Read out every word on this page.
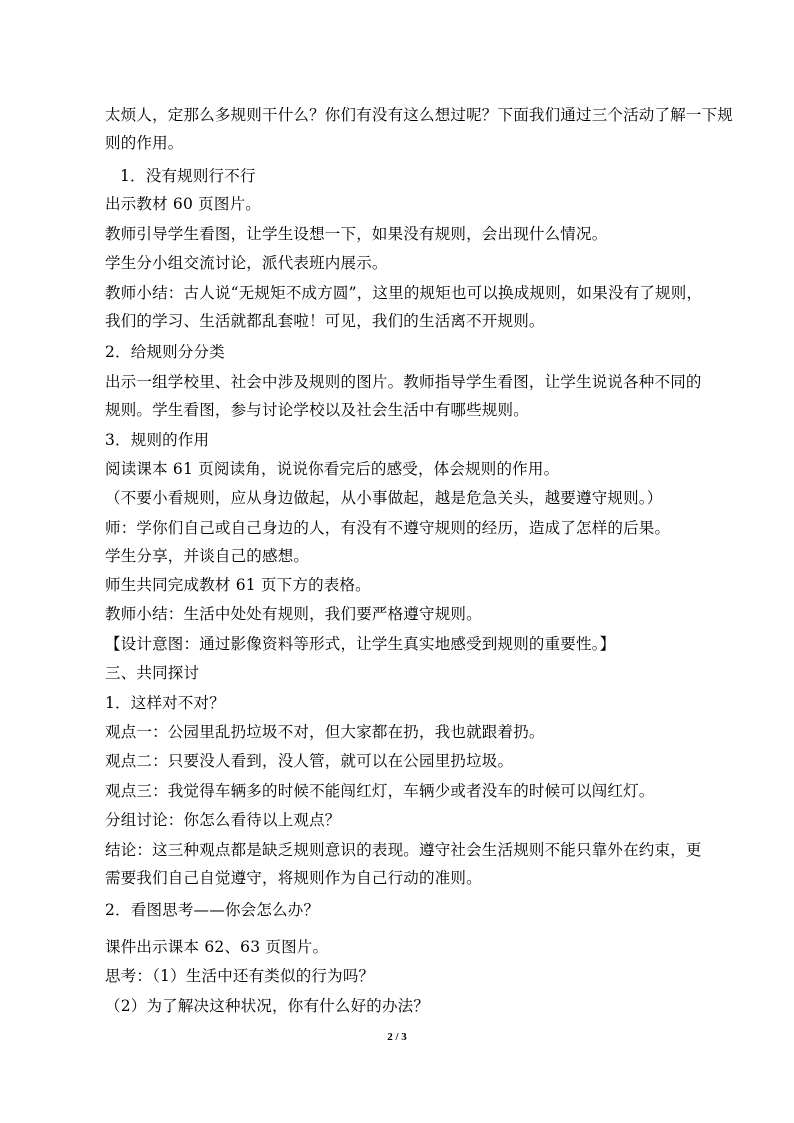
太烦人，定那么多规则干什么？你们有没有这么想过呢？下面我们通过三个活动了解一下规
则的作用。
1．没有规则行不行
出示教材 60 页图片。
教师引导学生看图，让学生设想一下，如果没有规则，会出现什么情况。
学生分小组交流讨论，派代表班内展示。
教师小结：古人说“无规矩不成方圆”，这里的规矩也可以换成规则，如果没有了规则，
我们的学习、生活就都乱套啦！可见，我们的生活离不开规则。
2．给规则分分类
出示一组学校里、社会中涉及规则的图片。教师指导学生看图，让学生说说各种不同的
规则。学生看图，参与讨论学校以及社会生活中有哪些规则。
3．规则的作用
阅读课本 61 页阅读角，说说你看完后的感受，体会规则的作用。
（不要小看规则，应从身边做起，从小事做起，越是危急关头，越要遵守规则。）
师：学你们自己或自己身边的人，有没有不遵守规则的经历，造成了怎样的后果。
学生分享，并谈自己的感想。
师生共同完成教材 61 页下方的表格。
教师小结：生活中处处有规则，我们要严格遵守规则。
【设计意图：通过影像资料等形式，让学生真实地感受到规则的重要性。】
三、共同探讨
1．这样对不对？
观点一：公园里乱扔垃圾不对，但大家都在扔，我也就跟着扔。
观点二：只要没人看到，没人管，就可以在公园里扔垃圾。
观点三：我觉得车辆多的时候不能闯红灯，车辆少或者没车的时候可以闯红灯。
分组讨论：你怎么看待以上观点？
结论：这三种观点都是缺乏规则意识的表现。遵守社会生活规则不能只靠外在约束，更
需要我们自己自觉遵守，将规则作为自己行动的准则。
2．看图思考——你会怎么办？
课件出示课本 62、63 页图片。
思考：（1）生活中还有类似的行为吗？
（2）为了解决这种状况，你有什么好的办法？
2 / 3
